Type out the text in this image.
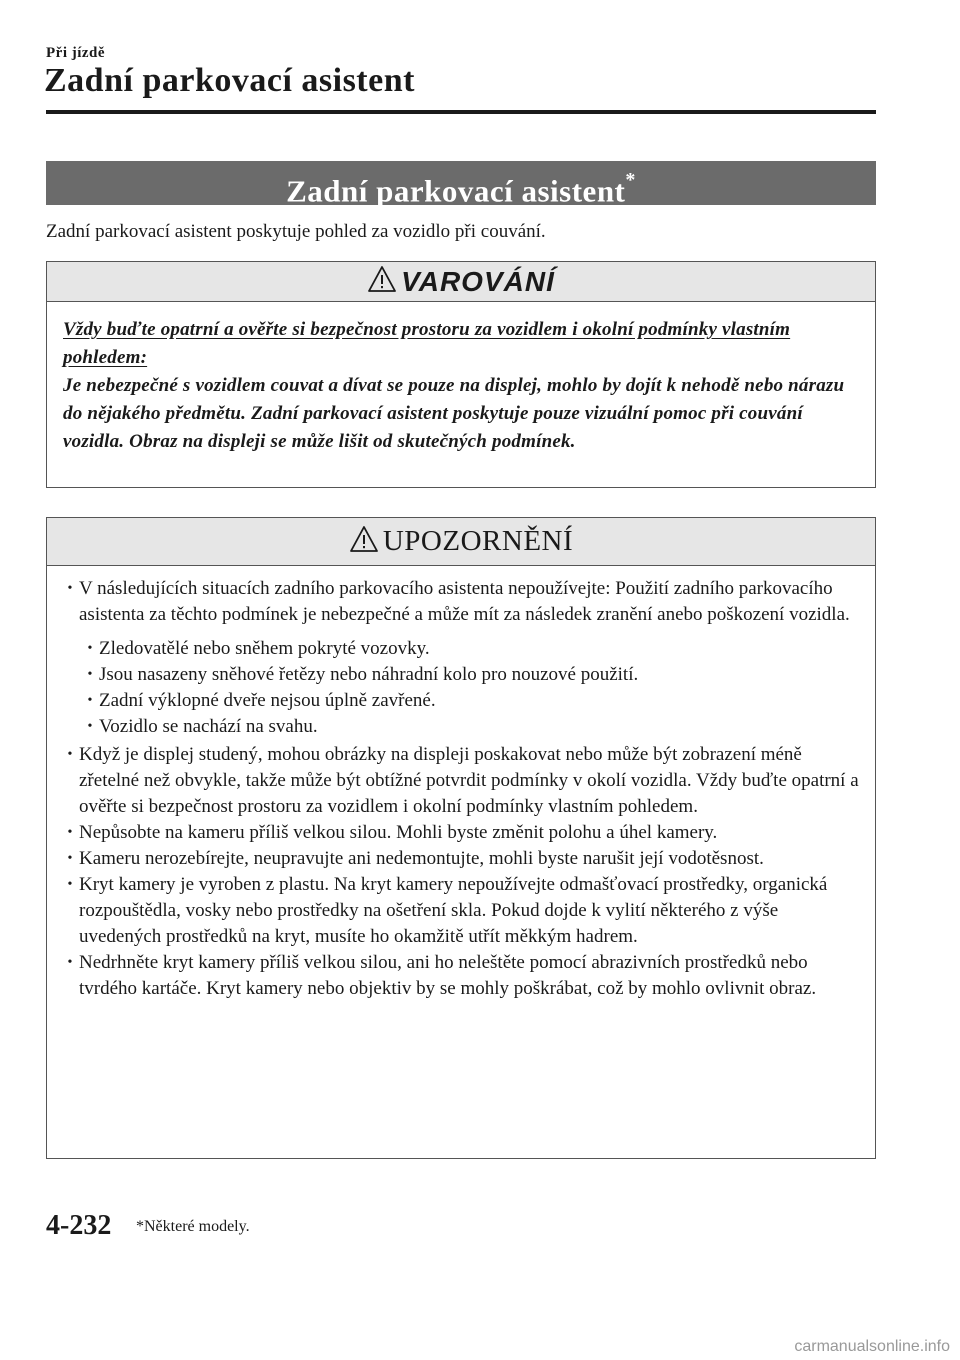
Při jízdě
Zadní parkovací asistent
Zadní parkovací asistent*
Zadní parkovací asistent poskytuje pohled za vozidlo při couvání.
VAROVÁNÍ
Vždy buďte opatrní a ověřte si bezpečnost prostoru za vozidlem i okolní podmínky vlastním pohledem:
Je nebezpečné s vozidlem couvat a dívat se pouze na displej, mohlo by dojít k nehodě nebo nárazu do nějakého předmětu. Zadní parkovací asistent poskytuje pouze vizuální pomoc při couvání vozidla. Obraz na displeji se může lišit od skutečných podmínek.
UPOZORNĚNÍ
• V následujících situacích zadního parkovacího asistenta nepoužívejte: Použití zadního parkovacího asistenta za těchto podmínek je nebezpečné a může mít za následek zranění anebo poškození vozidla.
• Zledovatělé nebo sněhem pokryté vozovky.
• Jsou nasazeny sněhové řetězy nebo náhradní kolo pro nouzové použití.
• Zadní výklopné dveře nejsou úplně zavřené.
• Vozidlo se nachází na svahu.
• Když je displej studený, mohou obrázky na displeji poskakovat nebo může být zobrazení méně zřetelné než obvykle, takže může být obtížné potvrdit podmínky v okolí vozidla. Vždy buďte opatrní a ověřte si bezpečnost prostoru za vozidlem i okolní podmínky vlastním pohledem.
• Nepůsobte na kameru příliš velkou silou. Mohli byste změnit polohu a úhel kamery.
• Kameru nerozebírejte, neupravujte ani nedemontujte, mohli byste narušit její vodotěsnost.
• Kryt kamery je vyroben z plastu. Na kryt kamery nepoužívejte odmašťovací prostředky, organická rozpouštědla, vosky nebo prostředky na ošetření skla. Pokud dojde k vylití některého z výše uvedených prostředků na kryt, musíte ho okamžitě utřít měkkým hadrem.
• Nedrhněte kryt kamery příliš velkou silou, ani ho neleštěte pomocí abrazivních prostředků nebo tvrdého kartáče. Kryt kamery nebo objektiv by se mohly poškrábat, což by mohlo ovlivnit obraz.
4-232 *Některé modely.
carmanualsonline.info
